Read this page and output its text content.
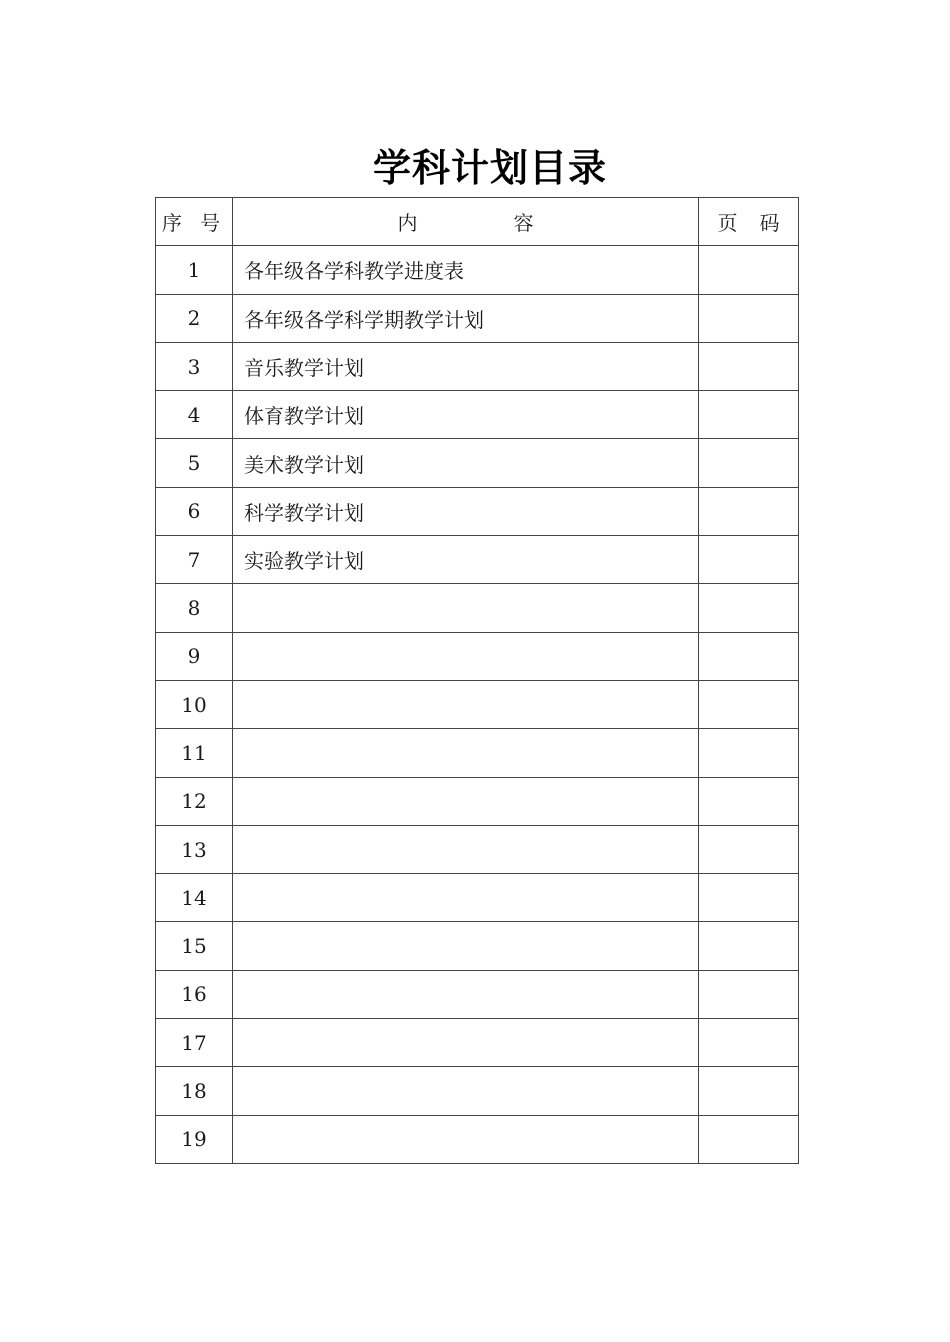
学科计划目录
序 号	内 容	页 码
1	各年级各学科教学进度表	
2	各年级各学科学期教学计划	
3	音乐教学计划	
4	体育教学计划	
5	美术教学计划	
6	科学教学计划	
7	实验教学计划	
8		
9		
10		
11		
12		
13		
14		
15		
16		
17		
18		
19		
